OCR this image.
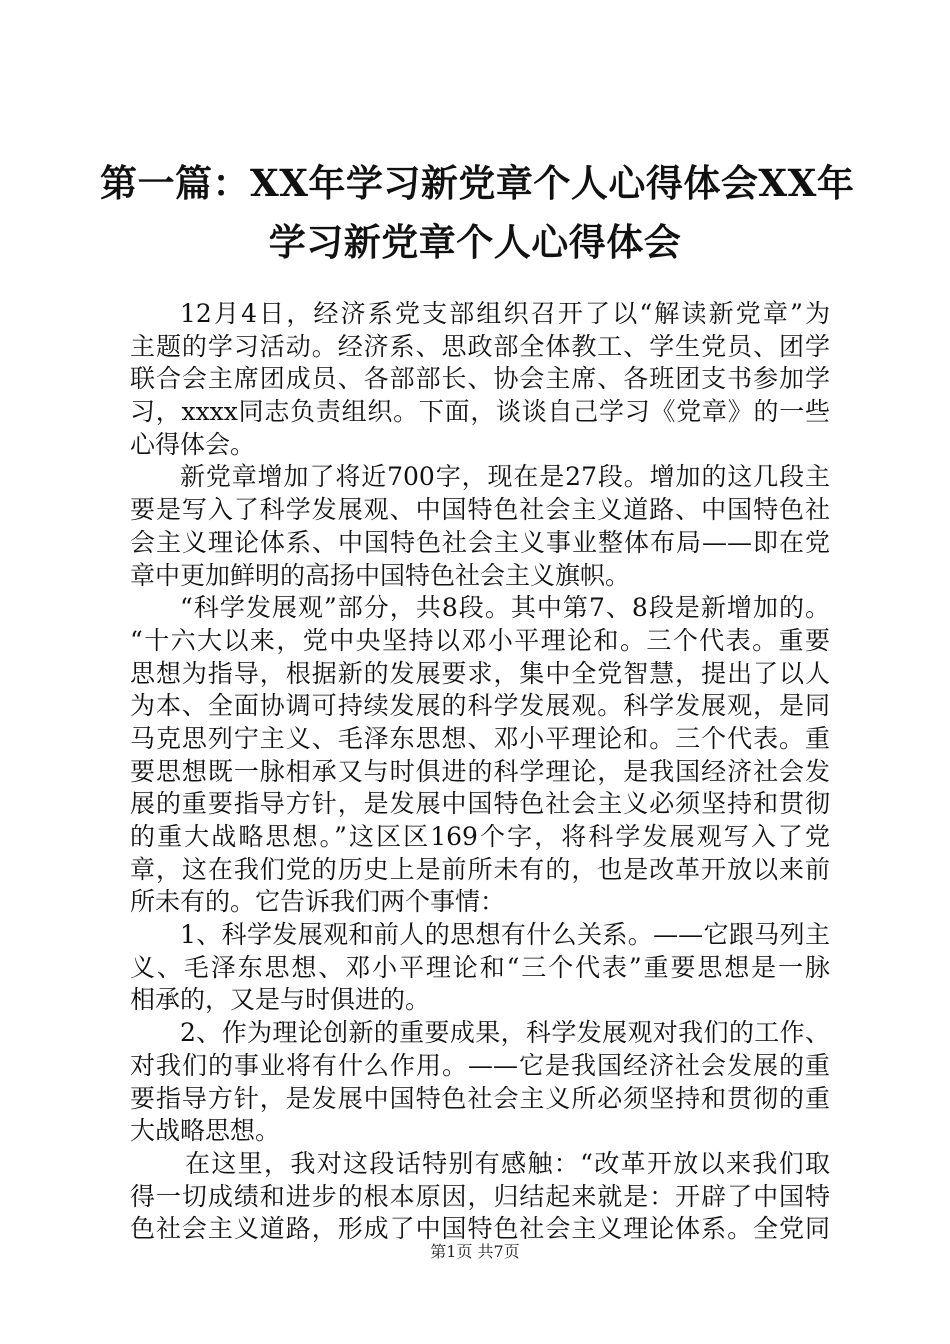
第一篇：XX年学习新党章个人心得体会XX年
学习新党章个人心得体会
12月4日，经济系党支部组织召开了以“解读新党章”为
主题的学习活动。经济系、思政部全体教工、学生党员、团学
联合会主席团成员、各部部长、协会主席、各班团支书参加学
习，xxxx同志负责组织。下面，谈谈自己学习《党章》的一些
心得体会。
新党章增加了将近700字，现在是27段。增加的这几段主
要是写入了科学发展观、中国特色社会主义道路、中国特色社
会主义理论体系、中国特色社会主义事业整体布局——即在党
章中更加鲜明的高扬中国特色社会主义旗帜。
“科学发展观”部分，共8段。其中第7、8段是新增加的。
“十六大以来，党中央坚持以邓小平理论和。三个代表。重要
思想为指导，根据新的发展要求，集中全党智慧，提出了以人
为本、全面协调可持续发展的科学发展观。科学发展观，是同
马克思列宁主义、毛泽东思想、邓小平理论和。三个代表。重
要思想既一脉相承又与时俱进的科学理论，是我国经济社会发
展的重要指导方针，是发展中国特色社会主义必须坚持和贯彻
的重大战略思想。”这区区169个字，将科学发展观写入了党
章，这在我们党的历史上是前所未有的，也是改革开放以来前
所未有的。它告诉我们两个事情：
1、科学发展观和前人的思想有什么关系。——它跟马列主
义、毛泽东思想、邓小平理论和“三个代表”重要思想是一脉
相承的，又是与时俱进的。
2、作为理论创新的重要成果，科学发展观对我们的工作、
对我们的事业将有什么作用。——它是我国经济社会发展的重
要指导方针，是发展中国特色社会主义所必须坚持和贯彻的重
大战略思想。
在这里，我对这段话特别有感触：“改革开放以来我们取
得一切成绩和进步的根本原因，归结起来就是：开辟了中国特
色社会主义道路，形成了中国特色社会主义理论体系。全党同
第1页 共7页
